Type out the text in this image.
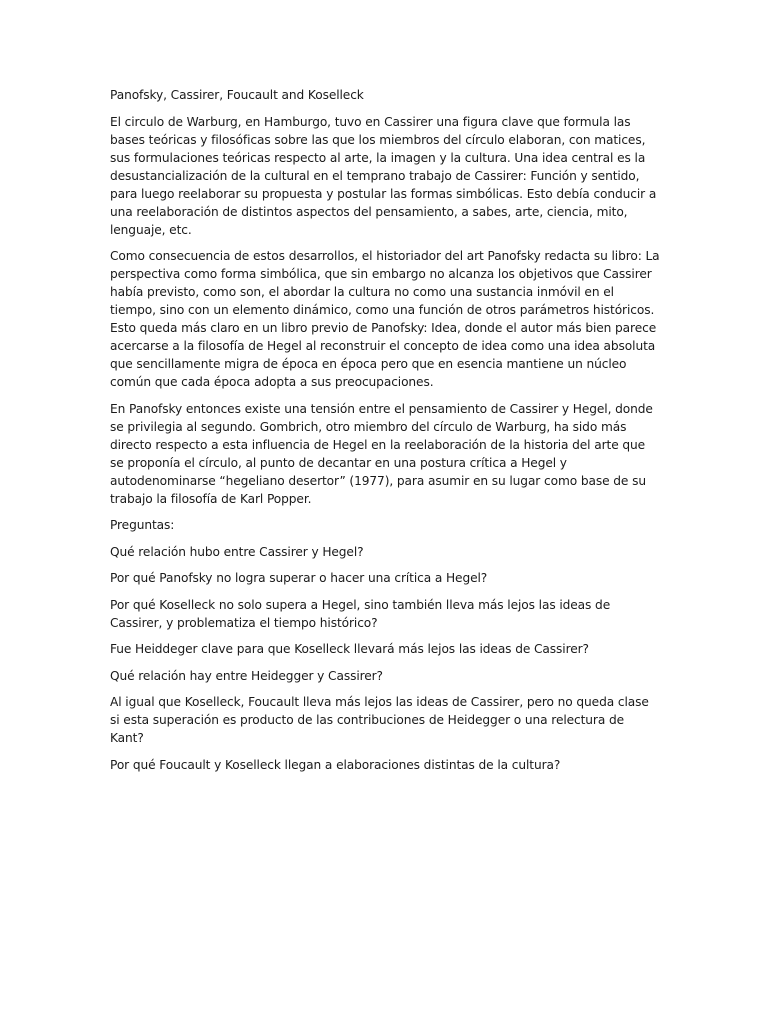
Panofsky, Cassirer, Foucault and Koselleck

El circulo de Warburg, en Hamburgo, tuvo en Cassirer una figura clave que formula las bases teóricas y filosóficas sobre las que los miembros del círculo elaboran, con matices, sus formulaciones teóricas respecto al arte, la imagen y la cultura. Una idea central es la desustancialización de la cultural en el temprano trabajo de Cassirer: Función y sentido, para luego reelaborar su propuesta y postular las formas simbólicas. Esto debía conducir a una reelaboración de distintos aspectos del pensamiento, a sabes, arte, ciencia, mito, lenguaje, etc.

Como consecuencia de estos desarrollos, el historiador del art Panofsky redacta su libro: La perspectiva como forma simbólica, que sin embargo no alcanza los objetivos que Cassirer había previsto, como son, el abordar la cultura no como una sustancia inmóvil en el tiempo, sino con un elemento dinámico, como una función de otros parámetros históricos. Esto queda más claro en un libro previo de Panofsky: Idea, donde el autor más bien parece acercarse a la filosofía de Hegel al reconstruir el concepto de idea como una idea absoluta que sencillamente migra de época en época pero que en esencia mantiene un núcleo común que cada época adopta a sus preocupaciones.

En Panofsky entonces existe una tensión entre el pensamiento de Cassirer y Hegel, donde se privilegia al segundo. Gombrich, otro miembro del círculo de Warburg, ha sido más directo respecto a esta influencia de Hegel en la reelaboración de la historia del arte que se proponía el círculo, al punto de decantar en una postura crítica a Hegel y autodenominarse “hegeliano desertor” (1977), para asumir en su lugar como base de su trabajo la filosofía de Karl Popper.

Preguntas:

Qué relación hubo entre Cassirer y Hegel?

Por qué Panofsky no logra superar o hacer una crítica a Hegel?

Por qué Koselleck no solo supera a Hegel, sino también lleva más lejos las ideas de Cassirer, y problematiza el tiempo histórico?

Fue Heiddeger clave para que Koselleck llevará más lejos las ideas de Cassirer?

Qué relación hay entre Heidegger y Cassirer?

Al igual que Koselleck, Foucault lleva más lejos las ideas de Cassirer, pero no queda clase si esta superación es producto de las contribuciones de Heidegger o una relectura de Kant?

Por qué Foucault y Koselleck llegan a elaboraciones distintas de la cultura?
